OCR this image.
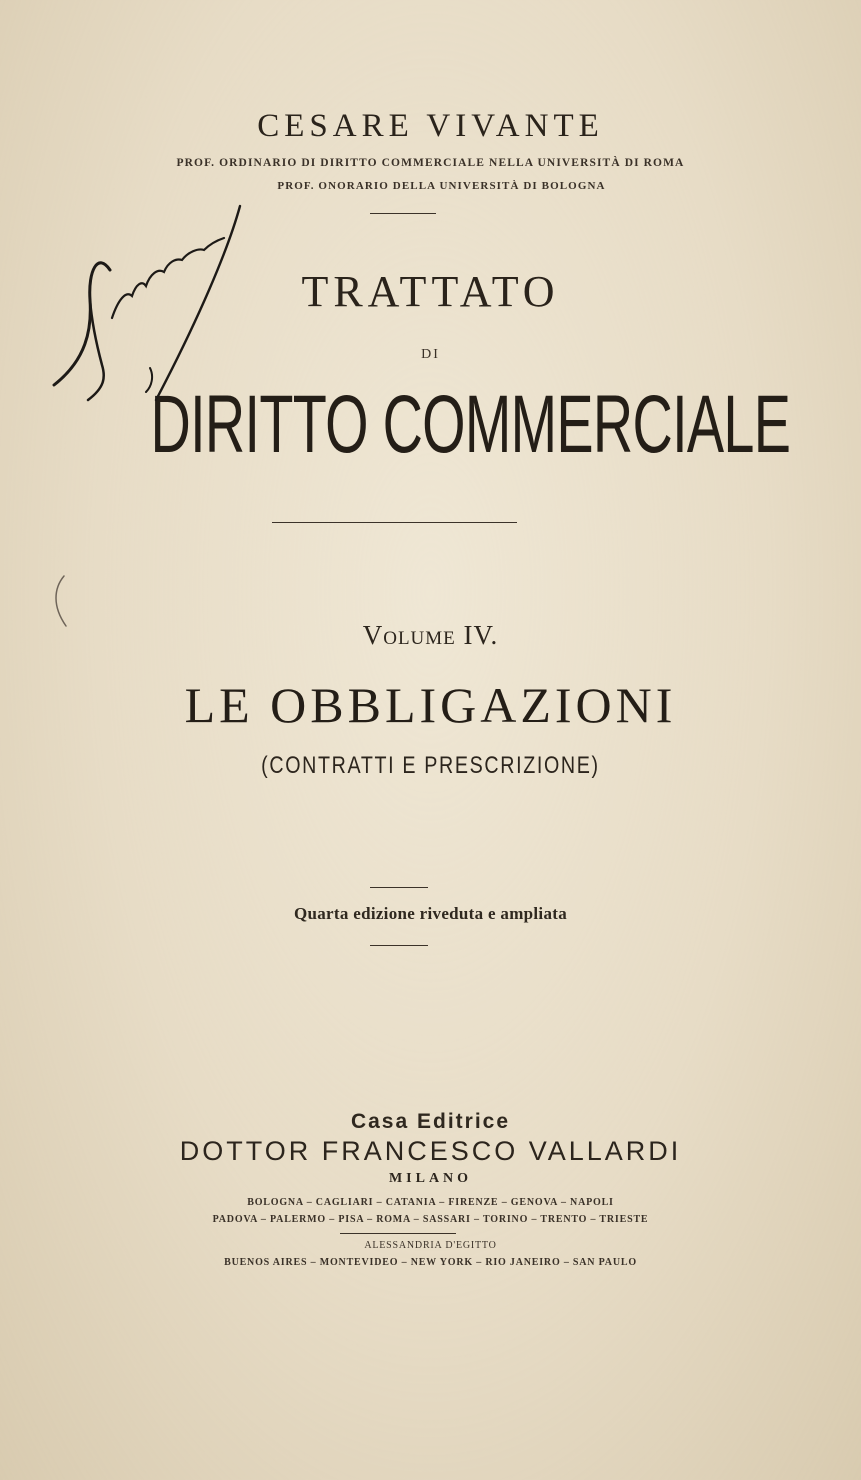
CESARE VIVANTE
PROF. ORDINARIO DI DIRITTO COMMERCIALE NELLA UNIVERSITÀ DI ROMA
PROF. ONORARIO DELLA UNIVERSITÀ DI BOLOGNA
TRATTATO
DI
DIRITTO COMMERCIALE
Volume IV.
LE OBBLIGAZIONI
(CONTRATTI E PRESCRIZIONE)
Quarta edizione riveduta e ampliata
Casa Editrice
DOTTOR FRANCESCO VALLARDI
MILANO
BOLOGNA – CAGLIARI – CATANIA – FIRENZE – GENOVA – NAPOLI
PADOVA – PALERMO – PISA – ROMA – SASSARI – TORINO – TRENTO – TRIESTE
ALESSANDRIA D'EGITTO
BUENOS AIRES – MONTEVIDEO – NEW YORK – RIO JANEIRO – SAN PAULO
